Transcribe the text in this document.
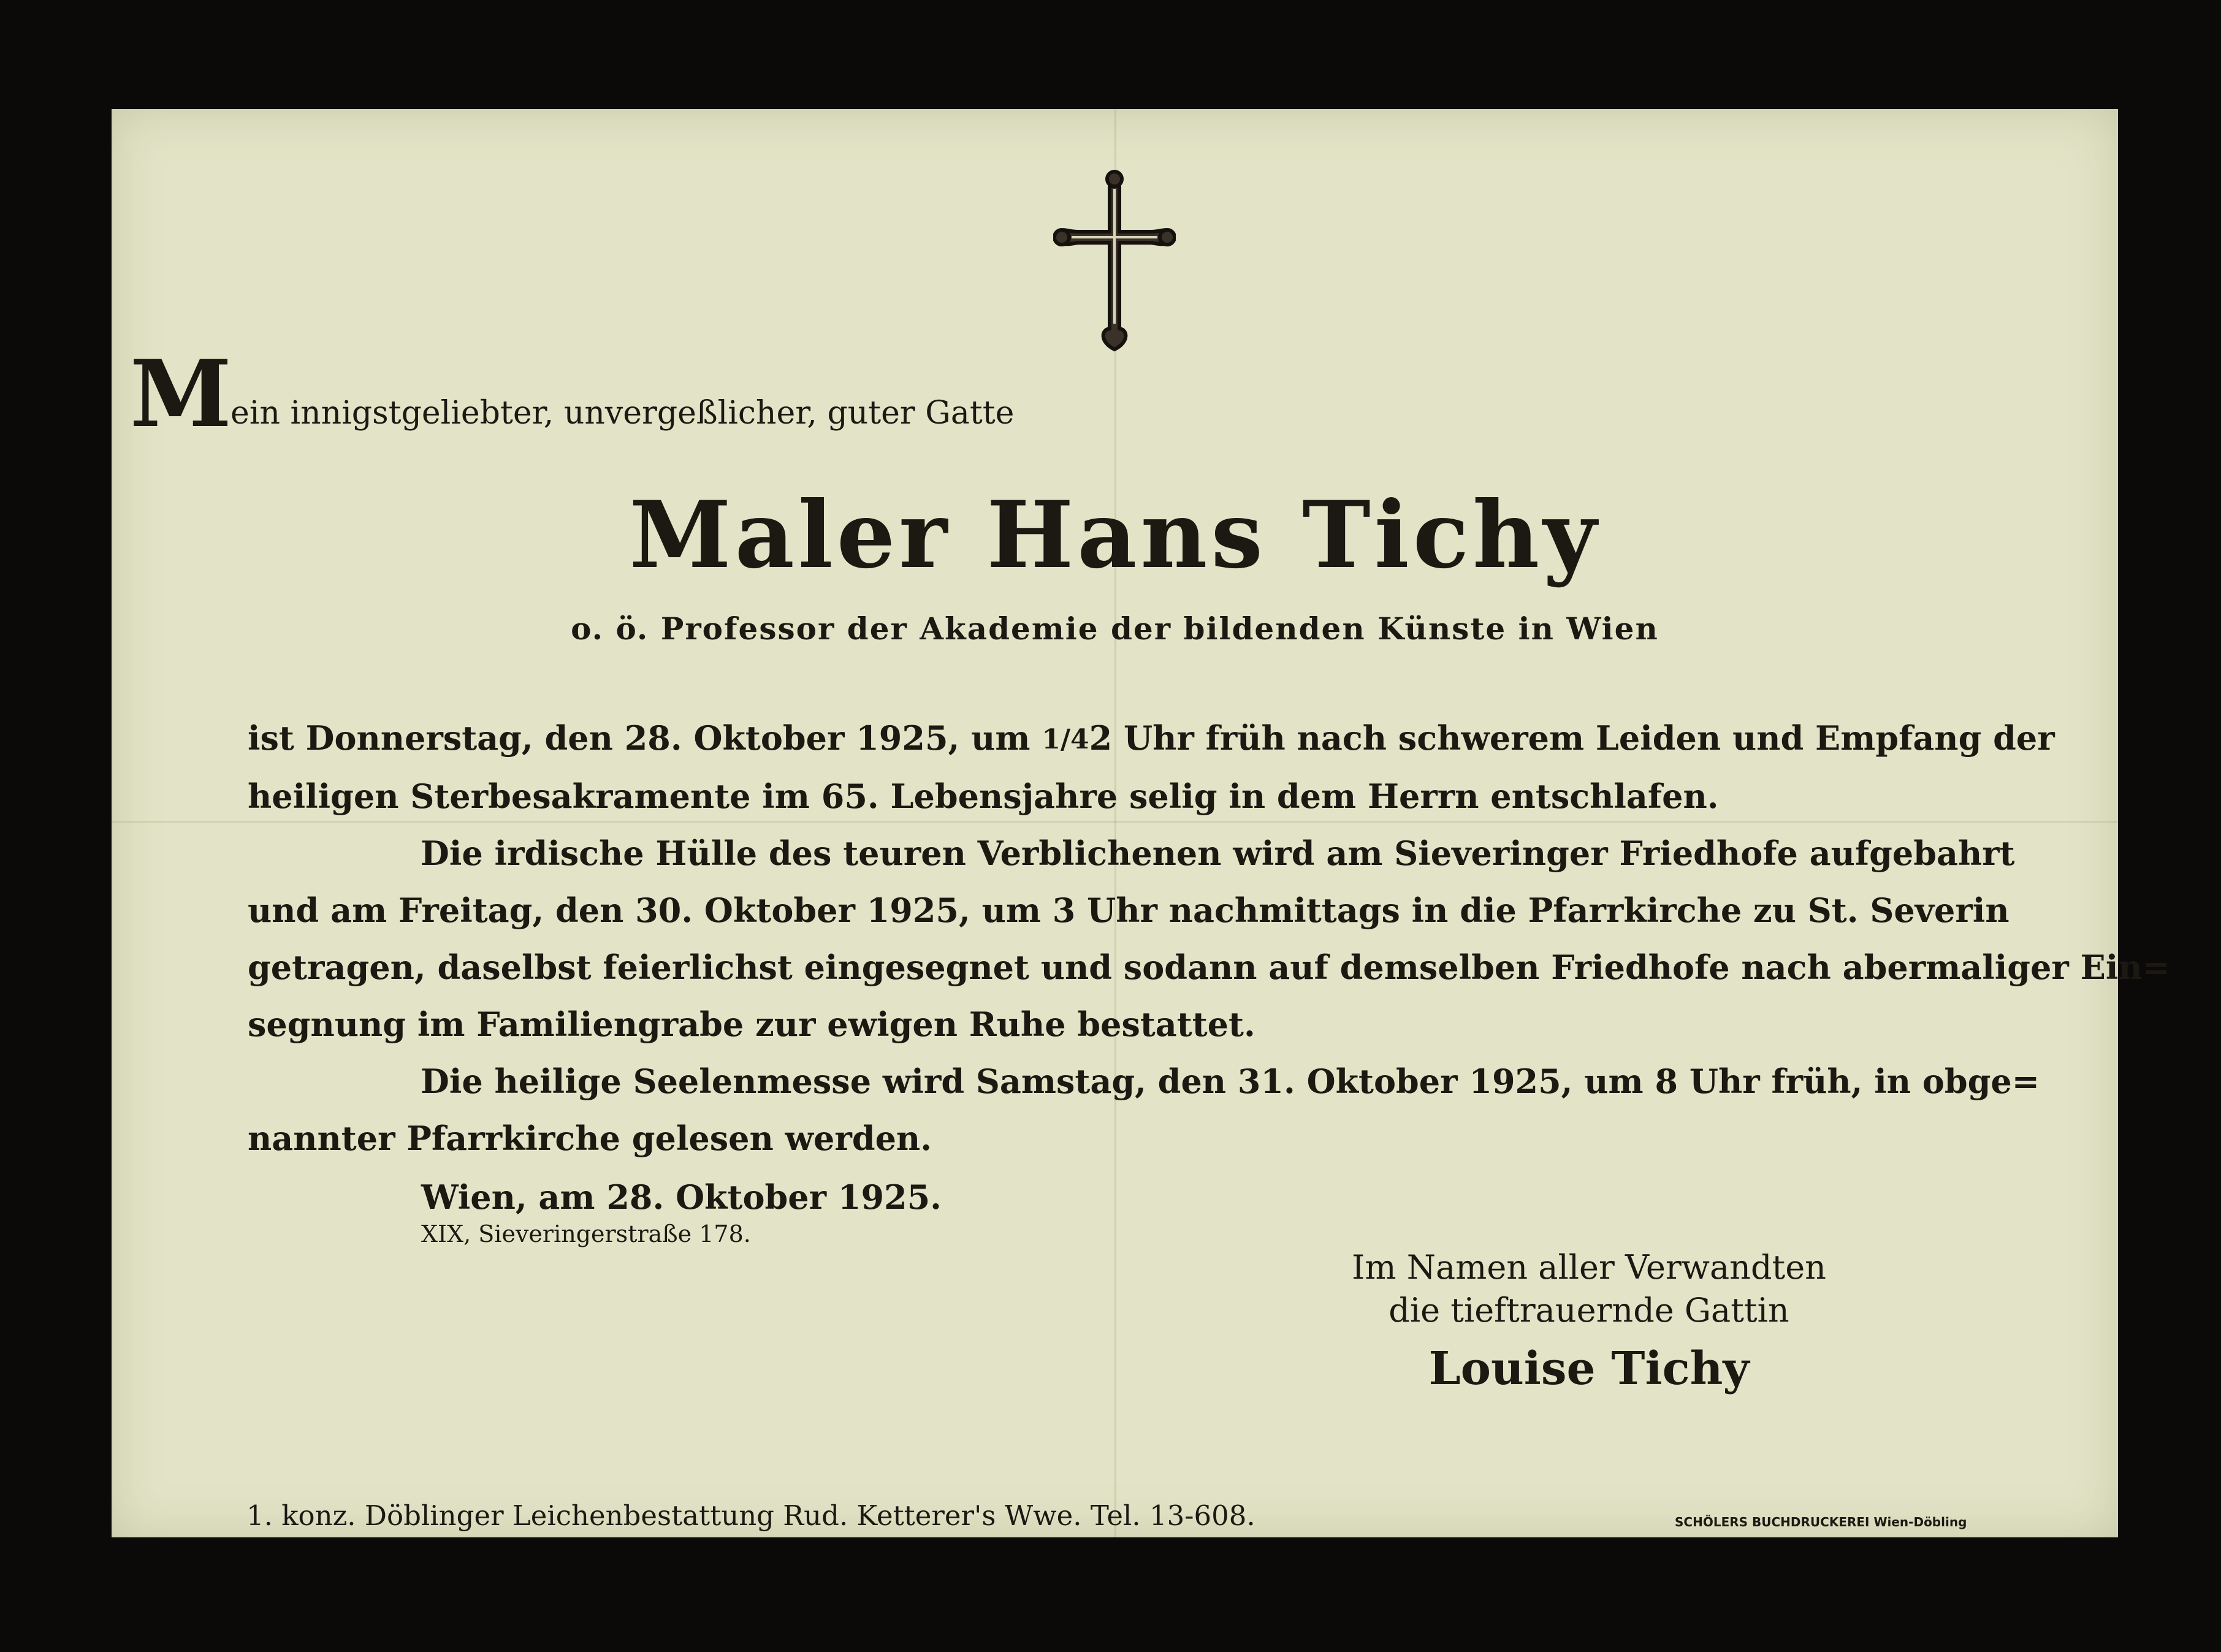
M ein innigstgeliebter, unvergeßlicher, guter Gatte
Maler Hans Tichy
o. ö. Professor der Akademie der bildenden Künste in Wien
ist Donnerstag, den 28. Oktober 1925, um 1/42 Uhr früh nach schwerem Leiden und Empfang der
heiligen Sterbesakramente im 65. Lebensjahre selig in dem Herrn entschlafen.
Die irdische Hülle des teuren Verblichenen wird am Sieveringer Friedhofe aufgebahrt
und am Freitag, den 30. Oktober 1925, um 3 Uhr nachmittags in die Pfarrkirche zu St. Severin
getragen, daselbst feierlichst eingesegnet und sodann auf demselben Friedhofe nach abermaliger Ein=
segnung im Familiengrabe zur ewigen Ruhe bestattet.
Die heilige Seelenmesse wird Samstag, den 31. Oktober 1925, um 8 Uhr früh, in obge=
nannter Pfarrkirche gelesen werden.
Wien, am 28. Oktober 1925.
XIX, Sieveringerstraße 178.
Im Namen aller Verwandten
die tieftrauernde Gattin
Louise Tichy
1. konz. Döblinger Leichenbestattung Rud. Ketterer's Wwe. Tel. 13-608.	SCHÖLERS BUCHDRUCKEREI Wien-Döbling
